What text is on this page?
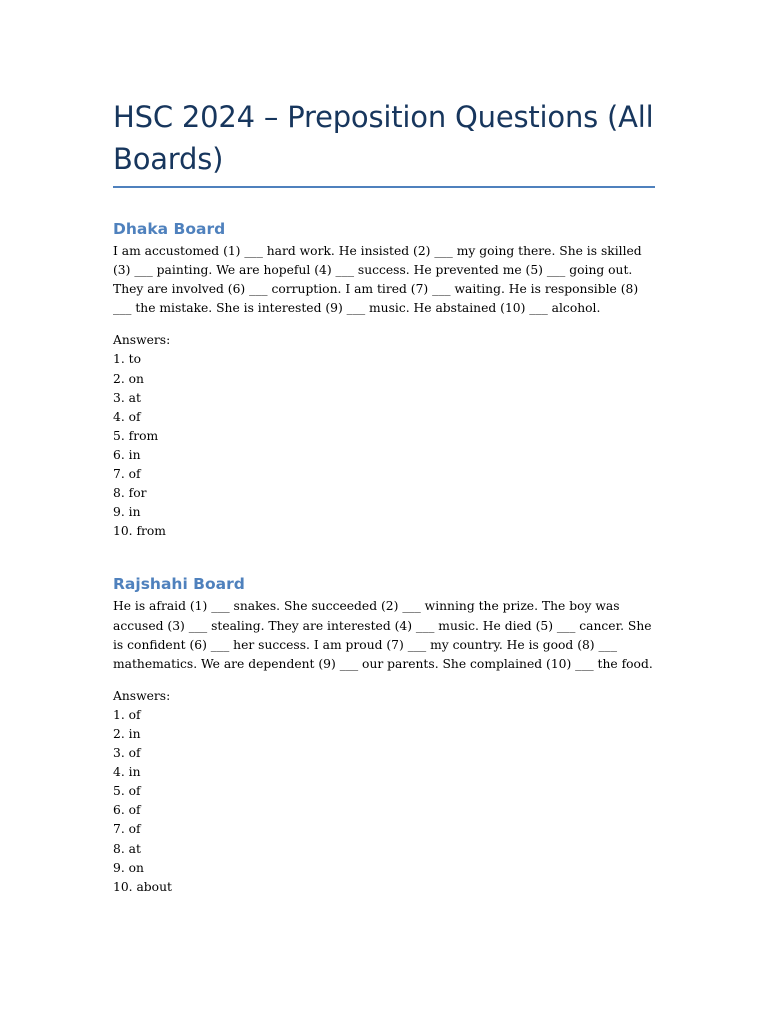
HSC 2024 – Preposition Questions (All Boards)
Dhaka Board

I am accustomed (1) ___ hard work. He insisted (2) ___ my going there. She is skilled (3) ___ painting. We are hopeful (4) ___ success. He prevented me (5) ___ going out. They are involved (6) ___ corruption. I am tired (7) ___ waiting. He is responsible (8) ___ the mistake. She is interested (9) ___ music. He abstained (10) ___ alcohol.

Answers:

1. to
2. on
3. at
4. of
5. from
6. in
7. of
8. for
9. in
10. from
Rajshahi Board

He is afraid (1) ___ snakes. She succeeded (2) ___ winning the prize. The boy was accused (3) ___ stealing. They are interested (4) ___ music. He died (5) ___ cancer. She is confident (6) ___ her success. I am proud (7) ___ my country. He is good (8) ___ mathematics. We are dependent (9) ___ our parents. She complained (10) ___ the food.

Answers:

1. of
2. in
3. of
4. in
5. of
6. of
7. of
8. at
9. on
10. about
